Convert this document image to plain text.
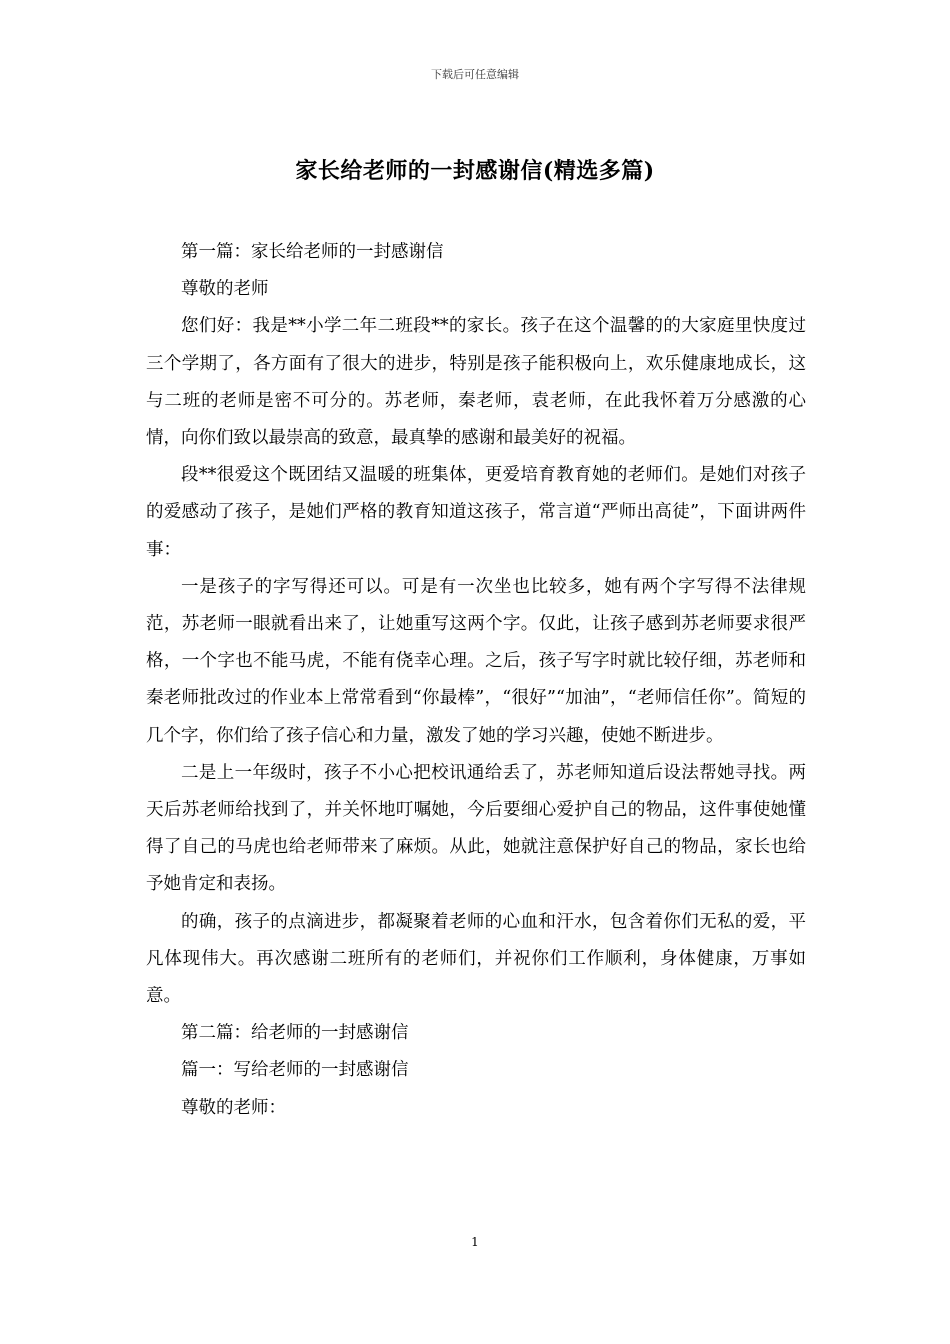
下载后可任意编辑
家长给老师的一封感谢信(精选多篇)

第一篇：家长给老师的一封感谢信

尊敬的老师

您们好：我是**小学二年二班段**的家长。孩子在这个温馨的的大家庭里快度过三个学期了，各方面有了很大的进步，特别是孩子能积极向上，欢乐健康地成长，这与二班的老师是密不可分的。苏老师，秦老师，袁老师，在此我怀着万分感激的心情，向你们致以最崇高的致意，最真挚的感谢和最美好的祝福。

段**很爱这个既团结又温暖的班集体，更爱培育教育她的老师们。是她们对孩子的爱感动了孩子，是她们严格的教育知道这孩子，常言道“严师出高徒”，下面讲两件事：

一是孩子的字写得还可以。可是有一次坐也比较多，她有两个字写得不法律规范，苏老师一眼就看出来了，让她重写这两个字。仅此，让孩子感到苏老师要求很严格，一个字也不能马虎，不能有侥幸心理。之后，孩子写字时就比较仔细，苏老师和秦老师批改过的作业本上常常看到“你最棒”，“很好”“加油”，“老师信任你”。简短的几个字，你们给了孩子信心和力量，激发了她的学习兴趣，使她不断进步。

二是上一年级时，孩子不小心把校讯通给丢了，苏老师知道后设法帮她寻找。两天后苏老师给找到了，并关怀地叮嘱她，今后要细心爱护自己的物品，这件事使她懂得了自己的马虎也给老师带来了麻烦。从此，她就注意保护好自己的物品，家长也给予她肯定和表扬。

的确，孩子的点滴进步，都凝聚着老师的心血和汗水，包含着你们无私的爱，平凡体现伟大。再次感谢二班所有的老师们，并祝你们工作顺利，身体健康，万事如意。

第二篇：给老师的一封感谢信

篇一：写给老师的一封感谢信

尊敬的老师：

1
